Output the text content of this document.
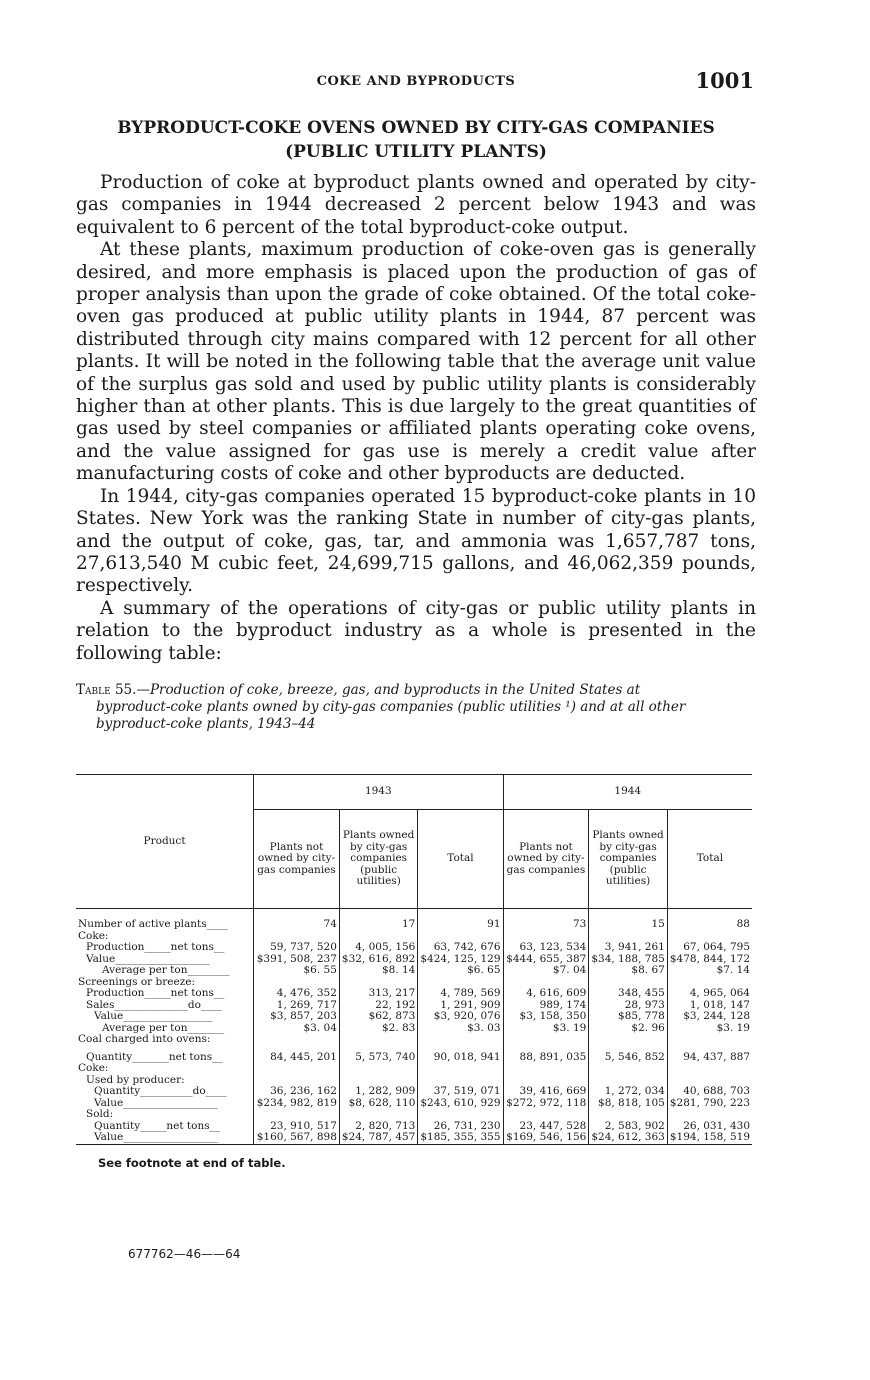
COKE AND BYPRODUCTS	1001
BYPRODUCT-COKE OVENS OWNED BY CITY-GAS COMPANIES
(PUBLIC UTILITY PLANTS)

Production of coke at byproduct plants owned and operated by city-gas companies in 1944 decreased 2 percent below 1943 and was equivalent to 6 percent of the total byproduct-coke output.

At these plants, maximum production of coke-oven gas is generally desired, and more emphasis is placed upon the production of gas of proper analysis than upon the grade of coke obtained. Of the total coke-oven gas produced at public utility plants in 1944, 87 percent was distributed through city mains compared with 12 percent for all other plants. It will be noted in the following table that the average unit value of the surplus gas sold and used by public utility plants is considerably higher than at other plants. This is due largely to the great quantities of gas used by steel companies or affiliated plants operating coke ovens, and the value assigned for gas use is merely a credit value after manufacturing costs of coke and other byproducts are deducted.

In 1944, city-gas companies operated 15 byproduct-coke plants in 10 States. New York was the ranking State in number of city-gas plants, and the output of coke, gas, tar, and ammonia was 1,657,787 tons, 27,613,540 M cubic feet, 24,699,715 gallons, and 46,062,359 pounds, respectively.

A summary of the operations of city-gas or public utility plants in relation to the byproduct industry as a whole is presented in the following table:

Table 55.—Production of coke, breeze, gas, and byproducts in the United States at
byproduct-coke plants owned by city-gas companies (public utilities ¹) and at all other byproduct-coke plants, 1943–44
Product	1943			1944		
	Plants not owned by city-gas companies	Plants owned by city-gas companies (public utilities)	Total	Plants not owned by city-gas companies	Plants owned by city-gas companies (public utilities)	Total

Number of active plants____	74	17	91	73	15	88
Coke:						
Production_____net tons__	59, 737, 520	4, 005, 156	63, 742, 676	63, 123, 534	3, 941, 261	67, 064, 795
Value__________________	$391, 508, 237	$32, 616, 892	$424, 125, 129	$444, 655, 387	$34, 188, 785	$478, 844, 172
Average per ton________	$6. 55	$8. 14	$6. 65	$7. 04	$8. 67	$7. 14
Screenings or breeze:						
Production_____net tons__	4, 476, 352	313, 217	4, 789, 569	4, 616, 609	348, 455	4, 965, 064
Sales______________do____	1, 269, 717	22, 192	1, 291, 909	989, 174	28, 973	1, 018, 147
Value_________________	$3, 857, 203	$62, 873	$3, 920, 076	$3, 158, 350	$85, 778	$3, 244, 128
Average per ton_______	$3. 04	$2. 83	$3. 03	$3. 19	$2. 96	$3. 19
Coal charged into ovens:						

Quantity_______net tons__	84, 445, 201	5, 573, 740	90, 018, 941	88, 891, 035	5, 546, 852	94, 437, 887
Coke:						
Used by producer:						
Quantity__________do____	36, 236, 162	1, 282, 909	37, 519, 071	39, 416, 669	1, 272, 034	40, 688, 703
Value__________________	$234, 982, 819	$8, 628, 110	$243, 610, 929	$272, 972, 118	$8, 818, 105	$281, 790, 223
Sold:						
Quantity_____net tons__	23, 910, 517	2, 820, 713	26, 731, 230	23, 447, 528	2, 583, 902	26, 031, 430
Value__________________	$160, 567, 898	$24, 787, 457	$185, 355, 355	$169, 546, 156	$24, 612, 363	$194, 158, 519
See footnote at end of table.
677762—46——64
